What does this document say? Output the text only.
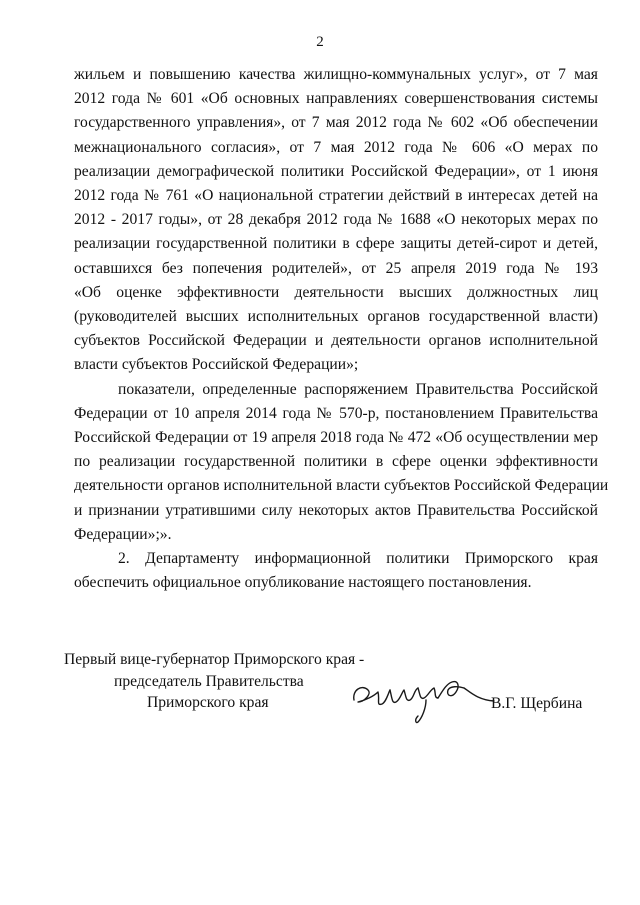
2
жильем и повышению качества жилищно-коммунальных услуг», от 7 мая
2012 года № 601 «Об основных направлениях совершенствования системы
государственного управления», от 7 мая 2012 года № 602 «Об обеспечении
межнационального согласия», от 7 мая 2012 года № 606 «О мерах по
реализации демографической политики Российской Федерации», от 1 июня
2012 года № 761 «О национальной стратегии действий в интересах детей на
2012 - 2017 годы», от 28 декабря 2012 года № 1688 «О некоторых мерах по
реализации государственной политики в сфере защиты детей-сирот и детей,
оставшихся без попечения родителей», от 25 апреля 2019 года № 193
«Об оценке эффективности деятельности высших должностных лиц
(руководителей высших исполнительных органов государственной власти)
субъектов Российской Федерации и деятельности органов исполнительной
власти субъектов Российской Федерации»;
показатели, определенные распоряжением Правительства Российской
Федерации от 10 апреля 2014 года № 570-р, постановлением Правительства
Российской Федерации от 19 апреля 2018 года № 472 «Об осуществлении мер
по реализации государственной политики в сфере оценки эффективности
деятельности органов исполнительной власти субъектов Российской Федерации
и признании утратившими силу некоторых актов Правительства Российской
Федерации»;».
2. Департаменту информационной политики Приморского края
обеспечить официальное опубликование настоящего постановления.
Первый вице-губернатор Приморского края -
председатель Правительства
Приморского края	В.Г. Щербина
